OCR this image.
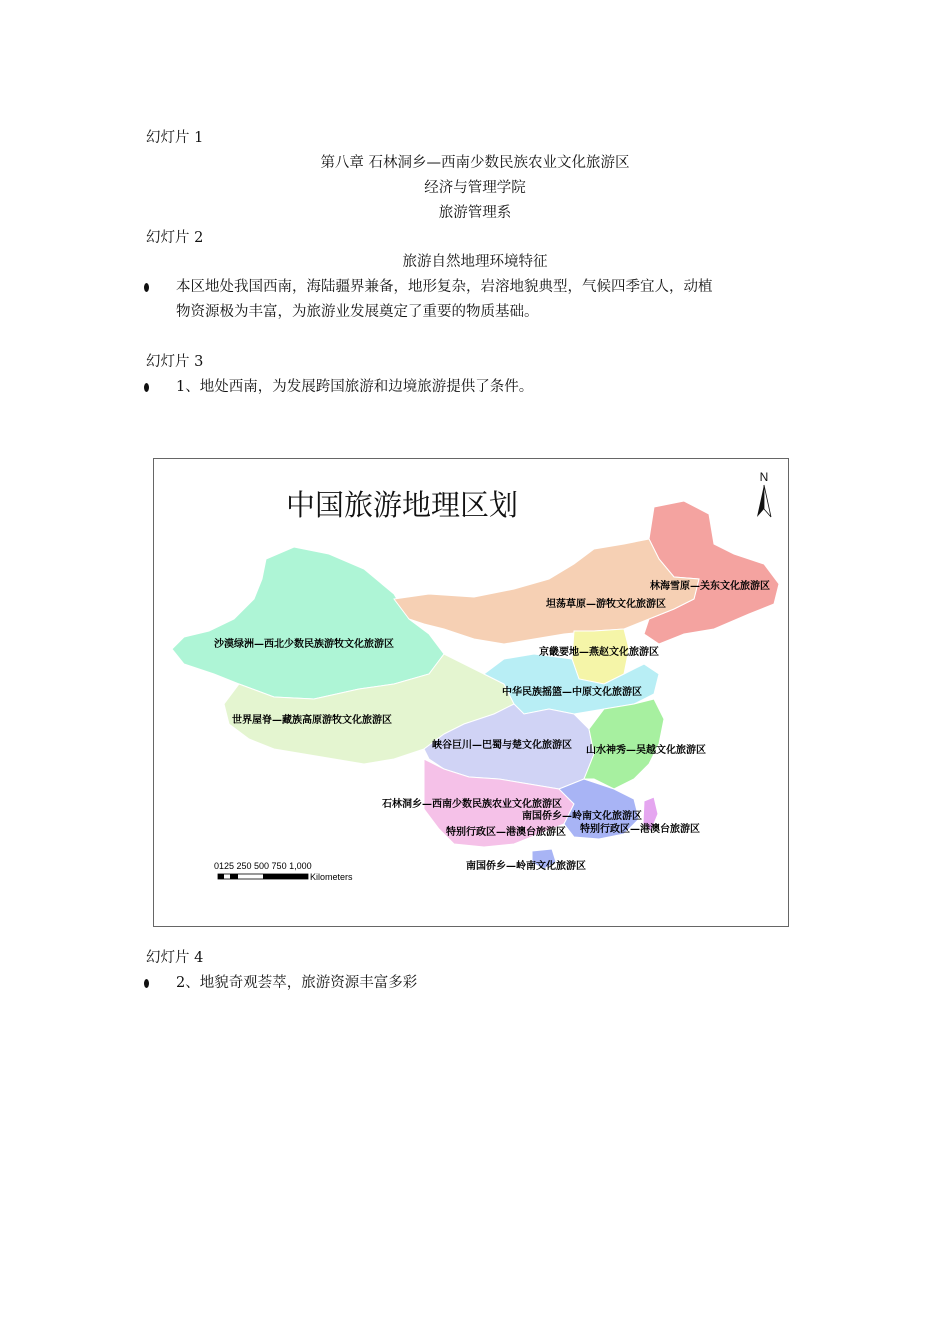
幻灯片 1
第八章 石林洞乡—西南少数民族农业文化旅游区
经济与管理学院
旅游管理系
幻灯片 2
旅游自然地理环境特征
本区地处我国西南，海陆疆界兼备，地形复杂，岩溶地貌典型，气候四季宜人，动植
物资源极为丰富，为旅游业发展奠定了重要的物质基础。
幻灯片 3
1、地处西南，为发展跨国旅游和边境旅游提供了条件。
中国旅游地理区划
N
林海雪原—关东文化旅游区
坦荡草原—游牧文化旅游区
沙漠绿洲—西北少数民族游牧文化旅游区
京畿要地—燕赵文化旅游区
中华民族摇篮—中原文化旅游区
世界屋脊—藏族高原游牧文化旅游区
峡谷巨川—巴蜀与楚文化旅游区 山水神秀—吴越文化旅游区
石林洞乡—西南少数民族农业文化旅游区
南国侨乡—岭南文化旅游区
特别行政区—港澳台旅游区 特别行政区—港澳台旅游区
南国侨乡—岭南文化旅游区
0125 250 500 750 1,000
Kilometers
幻灯片 4
2、地貌奇观荟萃，旅游资源丰富多彩
